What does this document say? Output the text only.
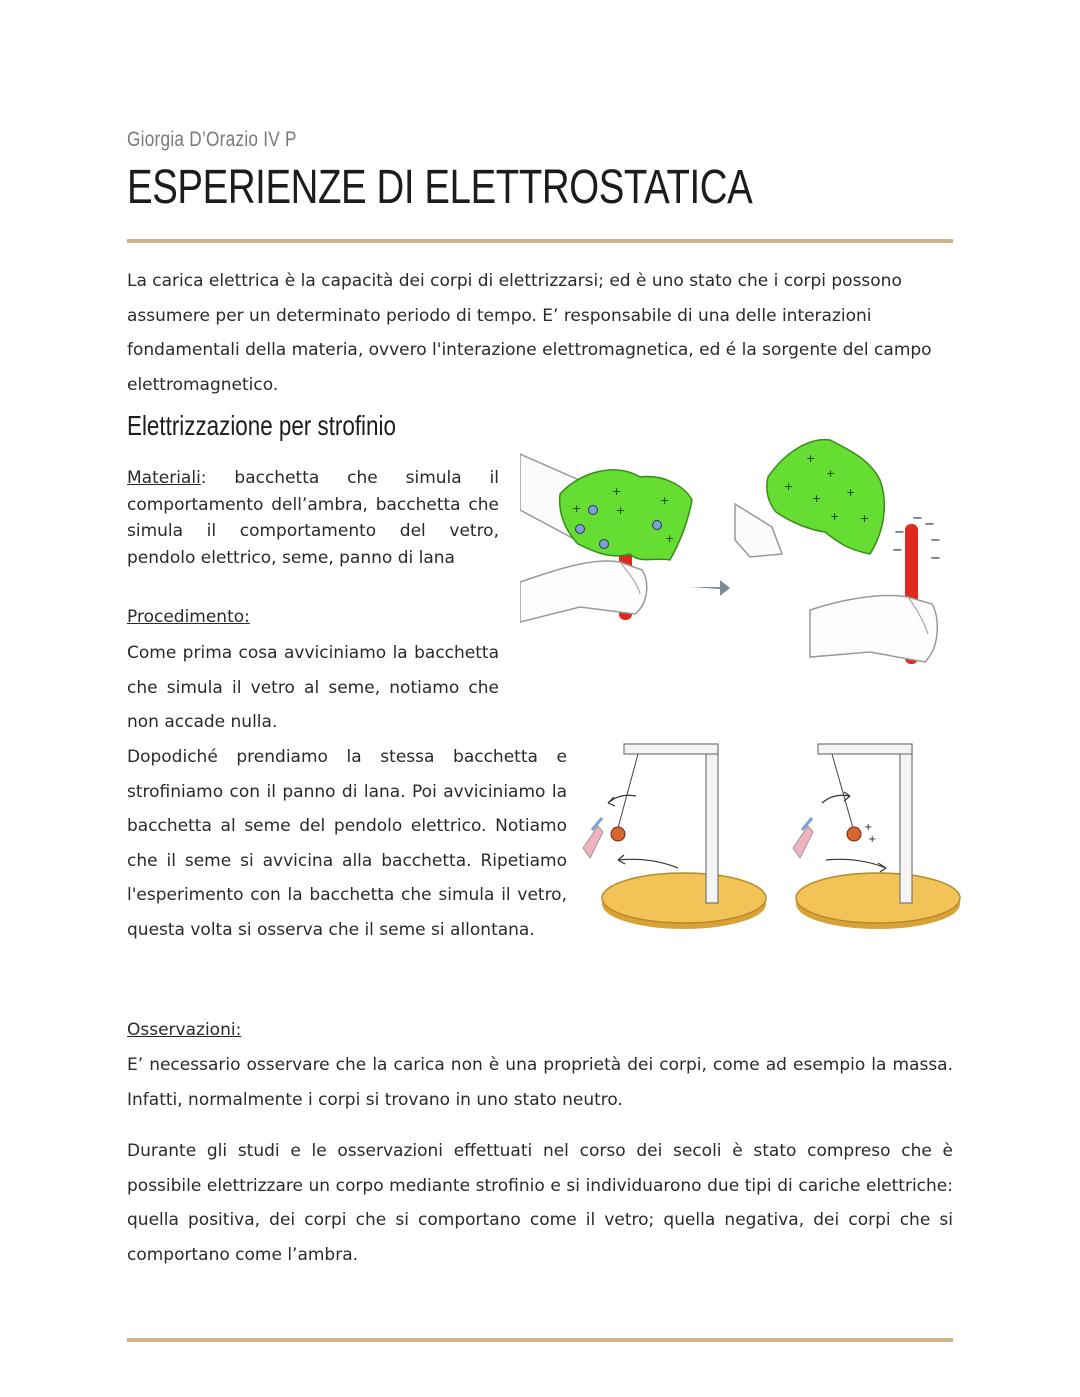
Giorgia D’Orazio IV P
ESPERIENZE DI ELETTROSTATICA
La carica elettrica è la capacità dei corpi di elettrizzarsi; ed è uno stato che i corpi possono assumere per un determinato periodo di tempo. E’ responsabile di una delle interazioni fondamentali della materia, ovvero l'interazione elettromagnetica, ed é la sorgente del campo elettromagnetico.
Elettrizzazione per strofinio
Materiali: bacchetta che simula il comportamento dell’ambra, bacchetta che simula il comportamento del vetro, pendolo elettrico, seme, panno di lana
Procedimento:
Come prima cosa avviciniamo la bacchetta che simula il vetro al seme, notiamo che non accade nulla.
Dopodiché prendiamo la stessa bacchetta e strofiniamo con il panno di lana. Poi avviciniamo la bacchetta al seme del pendolo elettrico. Notiamo che il seme si avvicina alla bacchetta. Ripetiamo l'esperimento con la bacchetta che simula il vetro, questa volta si osserva che il seme si allontana.
Osservazioni:
E’ necessario osservare che la carica non è una proprietà dei corpi, come ad esempio la massa. Infatti, normalmente i corpi si trovano in uno stato neutro.
Durante gli studi e le osservazioni effettuati nel corso dei secoli è stato compreso che è possibile elettrizzare un corpo mediante strofinio e si individuarono due tipi di cariche elettriche: quella positiva, dei corpi che si comportano come il vetro; quella negativa, dei corpi che si comportano come l’ambra.
+
+	+
+
+
+
+
+	+
+
+
+	− −
−
−
−
−
+
+
